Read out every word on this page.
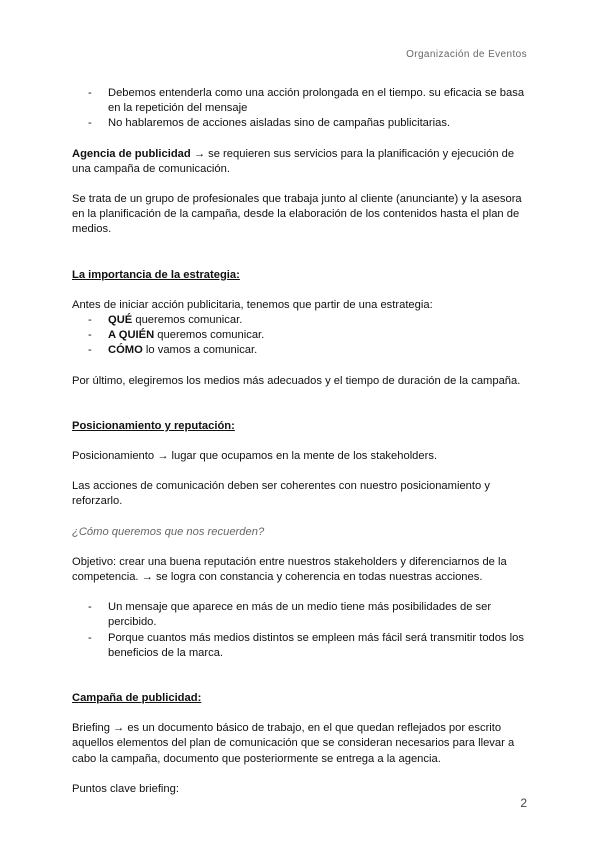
Organización de Eventos
- Debemos entenderla como una acción prolongada en el tiempo. su eficacia se basa en la repetición del mensaje
- No hablaremos de acciones aisladas sino de campañas publicitarias.

Agencia de publicidad → se requieren sus servicios para la planificación y ejecución de una campaña de comunicación.

Se trata de un grupo de profesionales que trabaja junto al cliente (anunciante) y la asesora en la planificación de la campaña, desde la elaboración de los contenidos hasta el plan de medios.

La importancia de la estrategia:

Antes de iniciar acción publicitaria, tenemos que partir de una estrategia:

- QUÉ queremos comunicar.
- A QUIÉN queremos comunicar.
- CÓMO lo vamos a comunicar.

Por último, elegiremos los medios más adecuados y el tiempo de duración de la campaña.

Posicionamiento y reputación:

Posicionamiento → lugar que ocupamos en la mente de los stakeholders.

Las acciones de comunicación deben ser coherentes con nuestro posicionamiento y reforzarlo.

¿Cómo queremos que nos recuerden?

Objetivo: crear una buena reputación entre nuestros stakeholders y diferenciarnos de la competencia. → se logra con constancia y coherencia en todas nuestras acciones.

- Un mensaje que aparece en más de un medio tiene más posibilidades de ser percibido.
- Porque cuantos más medios distintos se empleen más fácil será transmitir todos los beneficios de la marca.
Campaña de publicidad:

Briefing → es un documento básico de trabajo, en el que quedan reflejados por escrito aquellos elementos del plan de comunicación que se consideran necesarios para llevar a cabo la campaña, documento que posteriormente se entrega a la agencia.

Puntos clave briefing:

2
